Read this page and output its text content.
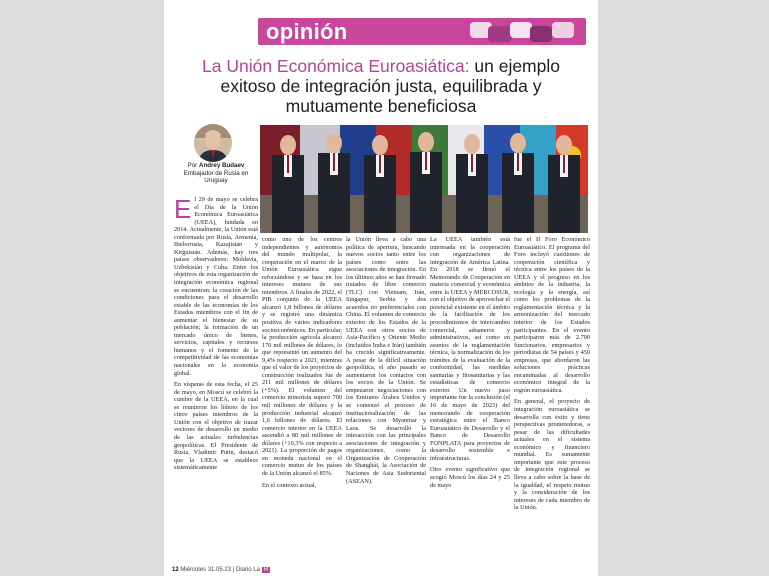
opinión
La Unión Económica Euroasiática: un ejemplo exitoso de integración justa, equilibrada y mutuamente beneficiosa
Por Andrey Budaev
Embajador de Rusia en Uruguay

El 29 de mayo se celebra el Día de la Unión Económica Euroasiática (UEEA), fundada en 2014. Actualmente, la Unión está conformada por Rusia, Armenia, Bielorrusia, Kazajistán y Kirguistán. Además, hay tres países observadores: Moldavia, Uzbekistán y Cuba. Entre los objetivos de esta organización de integración económica regional se encuentran: la creación de las condiciones para el desarrollo estable de las economías de los Estados miembros con el fin de aumentar el bienestar de su población; la formación de un mercado único de bienes, servicios, capitales y recursos humanos y el fomento de la competitividad de las economías nacionales en la economía global.

En vísperas de esta fecha, el 25 de mayo, en Moscú se celebró la cumbre de la UEEA, en la cual se reunieron los líderes de los cinco países miembros de la Unión con el objetivo de trazar vectores de desarrollo en medio de las actuales turbulencias geopolíticas. El Presidente de Rusia, Vladimir Putin, destacó que la UEEA se establece sistemáticamente

como uno de los centros independientes y autónomos del mundo multipolar, la cooperación en el marco de la Unión Euroasiática sigue reforzándose y se basa en los intereses mutuos de sus miembros. A finales de 2022, el PIB conjunto de la UEEA alcanzó 1,8 billones de dólares y se registró una dinámica positiva de varios indicadores socioeconómicos. En particular, la producción agrícola alcanzó 170 mil millones de dólares, lo que representó un aumento del 9,4% respecto a 2021, mientras que el valor de los proyectos de construcción realizados fue de 211 mil millones de dólares (+5%). El volumen del comercio minorista superó 700 mil millones de dólares y la producción industrial alcanzó 1,6 billones de dólares. El comercio interior en la UEEA ascendió a 80 mil millones de dólares (+10,3% con respecto a 2021). La proporción de pagos en moneda nacional en el comercio mutuo de los países de la Unión alcanzó el 85%.

En el contexto actual,

la Unión lleva a cabo una política de apertura, buscando nuevos socios tanto entre los países como entre las asociaciones de integración. En los últimos años se han firmado tratados de libre comercio (TLC) con Vietnam, Irán, Singapur, Serbia y dos acuerdos no preferenciales con China. El volumen de comercio exterior de los Estados de la UEEA con otros socios de Asia-Pacífico y Oriente Medio (incluidos India e Irán) también ha crecido significativamente. A pesar de la difícil situación geopolítica, el año pasado se aumentaron los contactos con los socios de la Unión. Se empezaron negociaciones con los Emiratos Árabes Unidos y se comenzó el proceso de institucionalización de las relaciones con Myanmar y Laos. Se desarrolló la interacción con las principales asociaciones de integración y organizaciones, como la Organización de Cooperación de Shanghái, la Asociación de Naciones de Asia Sudoriental (ASEAN).

La UEEA también está interesada en la cooperación con organizaciones de integración de América Latina. En 2018 se firmó el Memorando de Cooperación en materia comercial y económica entre la UEEA y MERCOSUR, con el objetivo de aprovechar el potencial existente en el ámbito de la facilitación de los procedimientos de intercambio comercial, aduaneros y administrativos, así como en asuntos de la reglamentación técnica, la normalización de los trámites de la evaluación de la conformidad, las medidas sanitarias y fitosanitarias y las estadísticas de comercio exterior. Un nuevo paso importante fue la conclusión (el 16 de mayo de 2023) del memorando de cooperación estratégica entre el Banco Euroasiático de Desarrollo y el Banco de Desarrollo FONPLATA para proyectos de desarrollo sostenible e infraestructuras.

Otro evento significativo que acogió Moscú los días 24 y 25 de mayo

fue el II Foro Económico Euroasiático. El programa del Foro incluyó cuestiones de cooperación científica y técnica entre los países de la UEEA y el progreso en los ámbitos de la industria, la ecología y la energía, así como los problemas de la reglamentación técnica y la armonización del mercado interior de los Estados participantes. En el evento participaron más de 2.700 funcionarios, empresarios y periodistas de 54 países y 450 empresas, que abordaron las soluciones prácticas encaminadas al desarrollo económico integral de la región euroasiática.

En general, el proyecto de integración euroasiática se desarrolla con éxito y tiene perspectivas prometedoras, a pesar de las dificultades actuales en el sistema económico y financiero mundial. Es sumamente importante que este proceso de integración regional se lleva a cabo sobre la base de la igualdad, el respeto mutuo y la consideración de los intereses de cada miembro de la Unión.

12 Miércoles 31.05.23 | Diario La R
